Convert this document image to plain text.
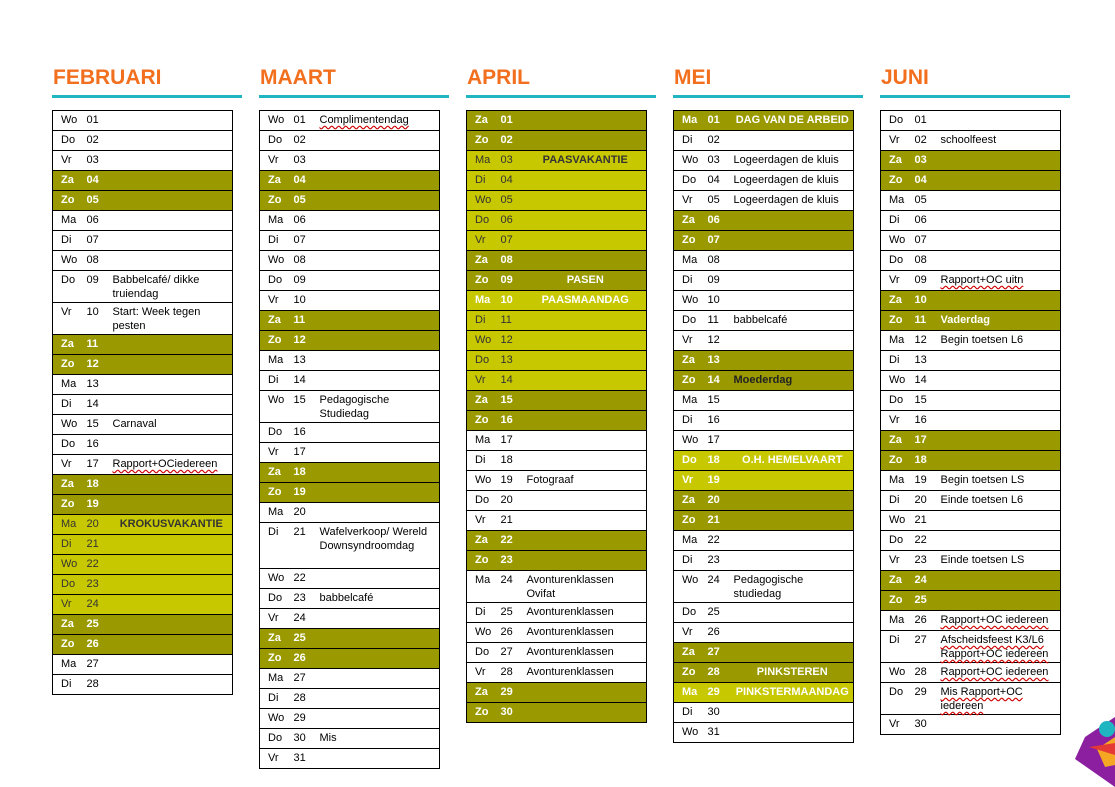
FEBRUARI
Wo	01	
Do	02	
Vr	03	
Za	04	
Zo	05	
Ma	06	
Di	07	
Wo	08	
Do	09	Babbelcafé/ dikke truiendag
Vr	10	Start: Week tegen pesten
Za	11	
Zo	12	
Ma	13	
Di	14	
Wo	15	Carnaval
Do	16	
Vr	17	Rapport+OCiedereen
Za	18	
Zo	19	
Ma	20	KROKUSVAKANTIE
Di	21	
Wo	22	
Do	23	
Vr	24	
Za	25	
Zo	26	
Ma	27	
Di	28	
MAART
Wo	01	Complimentendag
Do	02	
Vr	03	
Za	04	
Zo	05	
Ma	06	
Di	07	
Wo	08	
Do	09	
Vr	10	
Za	11	
Zo	12	
Ma	13	
Di	14	
Wo	15	Pedagogische Studiedag
Do	16	
Vr	17	
Za	18	
Zo	19	
Ma	20	
Di	21	Wafelverkoop/ Wereld Downsyndroomdag
Wo	22	
Do	23	babbelcafé
Vr	24	
Za	25	
Zo	26	
Ma	27	
Di	28	
Wo	29	
Do	30	Mis
Vr	31	
APRIL
Za	01	
Zo	02	
Ma	03	PAASVAKANTIE
Di	04	
Wo	05	
Do	06	
Vr	07	
Za	08	
Zo	09	PASEN
Ma	10	PAASMAANDAG
Di	11	
Wo	12	
Do	13	
Vr	14	
Za	15	
Zo	16	
Ma	17	
Di	18	
Wo	19	Fotograaf
Do	20	
Vr	21	
Za	22	
Zo	23	
Ma	24	Avonturenklassen Ovifat
Di	25	Avonturenklassen
Wo	26	Avonturenklassen
Do	27	Avonturenklassen
Vr	28	Avonturenklassen
Za	29	
Zo	30	
MEI
Ma	01	DAG VAN DE ARBEID
Di	02	
Wo	03	Logeerdagen de kluis
Do	04	Logeerdagen de kluis
Vr	05	Logeerdagen de kluis
Za	06	
Zo	07	
Ma	08	
Di	09	
Wo	10	
Do	11	babbelcafé
Vr	12	
Za	13	
Zo	14	Moederdag
Ma	15	
Di	16	
Wo	17	
Do	18	O.H. HEMELVAART
Vr	19	
Za	20	
Zo	21	
Ma	22	
Di	23	
Wo	24	Pedagogische studiedag
Do	25	
Vr	26	
Za	27	
Zo	28	PINKSTEREN
Ma	29	PINKSTERMAANDAG
Di	30	
Wo	31	
JUNI
Do	01	
Vr	02	schoolfeest
Za	03	
Zo	04	
Ma	05	
Di	06	
Wo	07	
Do	08	
Vr	09	Rapport+OC uitn
Za	10	
Zo	11	Vaderdag
Ma	12	Begin toetsen L6
Di	13	
Wo	14	
Do	15	
Vr	16	
Za	17	
Zo	18	
Ma	19	Begin toetsen LS
Di	20	Einde toetsen L6
Wo	21	
Do	22	
Vr	23	Einde toetsen LS
Za	24	
Zo	25	
Ma	26	Rapport+OC iedereen
Di	27	Afscheidsfeest K3/L6 Rapport+OC iedereen
Wo	28	Rapport+OC iedereen
Do	29	Mis Rapport+OC iedereen
Vr	30	
